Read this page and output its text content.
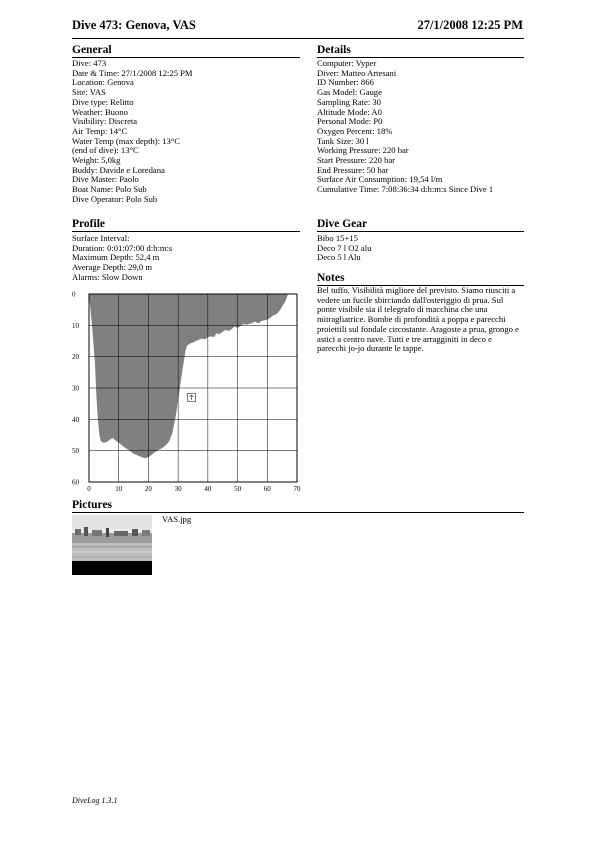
Dive 473: Genova, VAS	27/1/2008 12:25 PM
General
Dive: 473
Date & Time: 27/1/2008 12:25 PM
Location: Genova
Site: VAS
Dive type: Relitto
Weather: Buono
Visibility: Discreta
Air Temp: 14°C
Water Temp (max depth): 13°C
(end of dive): 13°C
Weight: 5,0kg
Buddy: Davide e Loredana
Dive Master: Paolo
Boat Name: Polo Sub
Dive Operator: Polo Sub
Details
Computer: Vyper
Diver: Matteo Artesani
ID Number: 866
Gas Model: Gauge
Sampling Rate: 30
Altitude Mode: A0
Personal Mode: P0
Oxygen Percent: 18%
Tank Size: 30 l
Working Pressure: 220 bar
Start Pressure: 220 bar
End Pressure: 50 bar
Surface Air Consumption: 19,54 l/m
Cumulative Time: 7:08:36:34 d:h:m:s Since Dive 1
Profile
Surface Interval:
Duration: 0:01:07:00 d:h:m:s
Maximum Depth: 52,4 m
Average Depth: 29,0 m
Alarms: Slow Down
Dive Gear
Bibo 15+15
Deco 7 l O2 alu
Deco 5 l Alu
Notes
Bel tuffo. Visibilità migliore del previsto. Siamo riusciti a vedere un fucile sbirciando dall'osteriggio di prua. Sul ponte visibile sia il telegrafo di macchina che una mitragliatrice. Bombe di profondità a poppa e parecchi proiettili sul fondale circostante. Aragoste a prua, grongo e astici a centro nave. Tutti e tre arragginiti in deco e parecchi jo-jo durante le tappe.
0	10	20	30	40	50	60	70
0
10
20
30
40
50
60
Pictures
VAS.jpg
DiveLog 1.3.1
